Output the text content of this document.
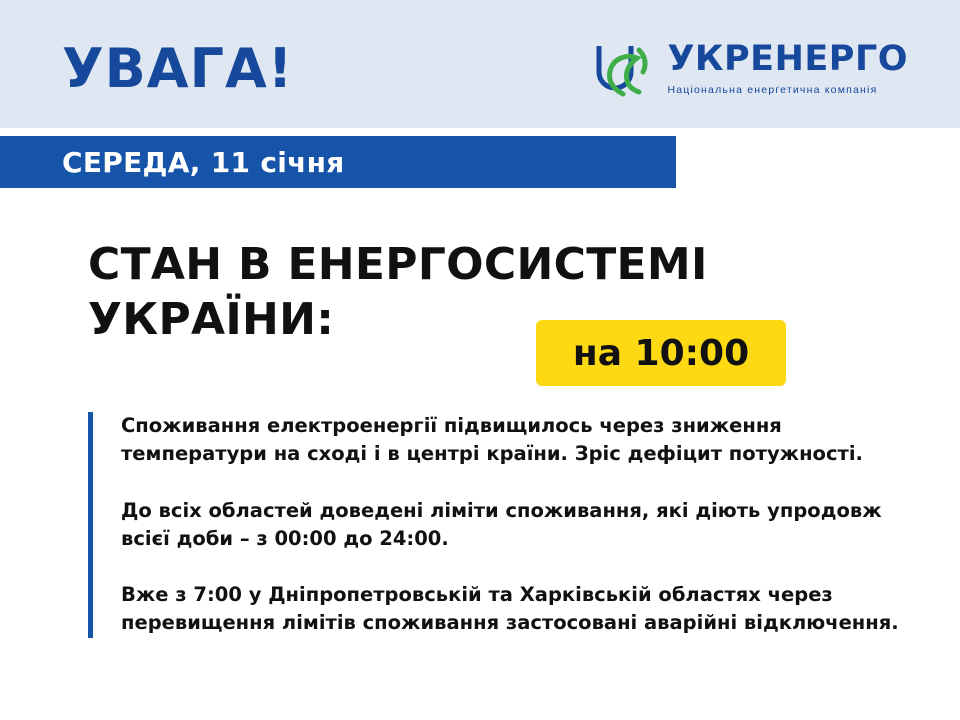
УВАГА!	УКРЕНЕРГО
Національна енергетична компанія
СЕРЕДА, 11 січня
СТАН В ЕНЕРГОСИСТЕМІ УКРАЇНИ:
на 10:00

Споживання електроенергії підвищилось через зниження температури на сході і в центрі країни. Зріс дефіцит потужності.

До всіх областей доведені ліміти споживання, які діють упродовж всієї доби – з 00:00 до 24:00.

Вже з 7:00 у Дніпропетровській та Харківській областях через перевищення лімітів споживання застосовані аварійні відключення.
